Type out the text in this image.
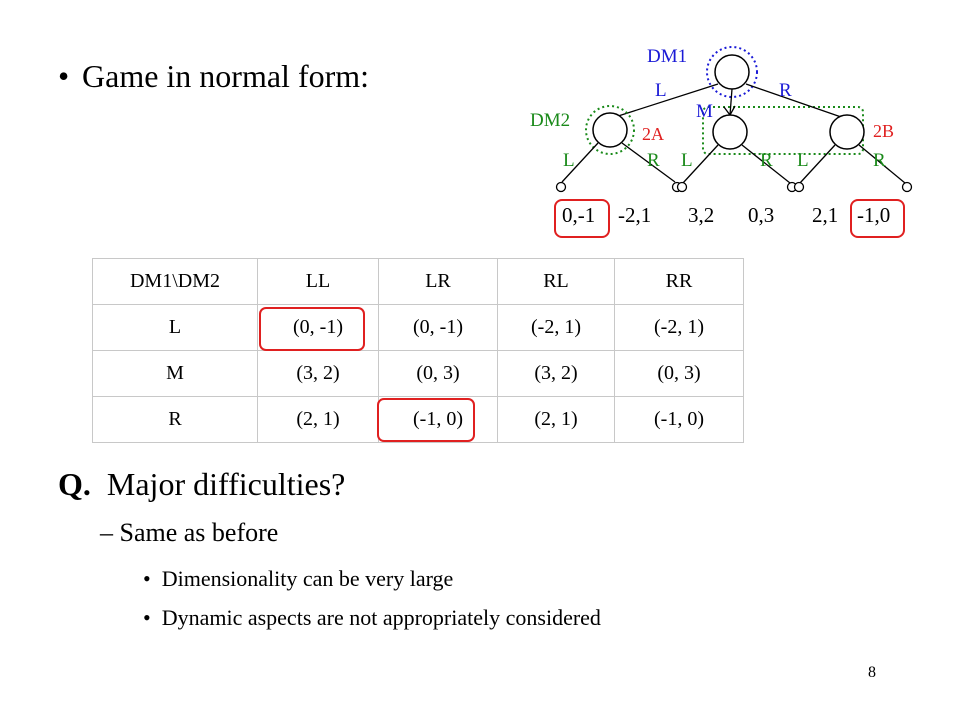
• Game in normal form:
DM1
L
M
R
DM2
2A	2B
L	R L	R L	R
0,-1 -2,1 3,2 0,3 2,1 -1,0
DM1\DM2	LL	LR	RL	RR
L	(0, -1)	(0, -1)	(-2, 1)	(-2, 1)
M	(3, 2)	(0, 3)	(3, 2)	(0, 3)
R	(2, 1)	(-1, 0)	(2, 1)	(-1, 0)
Q. Major difficulties?
– Same as before
• Dimensionality can be very large
• Dynamic aspects are not appropriately considered
8
